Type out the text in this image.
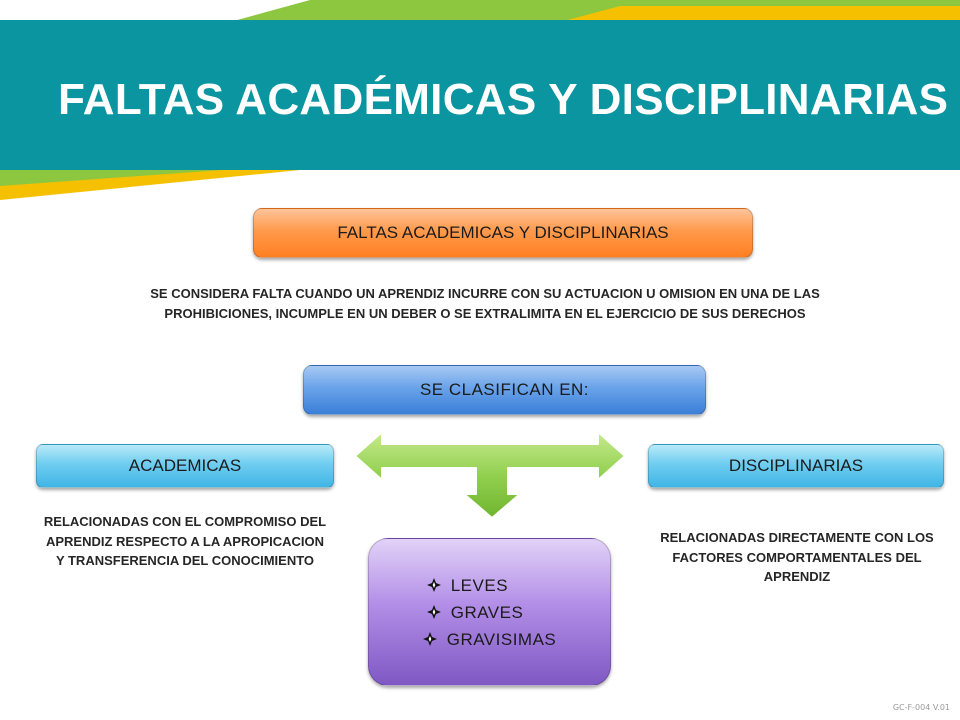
FALTAS ACADÉMICAS Y DISCIPLINARIAS
FALTAS ACADEMICAS Y DISCIPLINARIAS
SE CONSIDERA FALTA CUANDO UN APRENDIZ INCURRE CON SU ACTUACION U OMISION EN UNA DE LAS PROHIBICIONES, INCUMPLE EN UN DEBER O SE EXTRALIMITA EN EL EJERCICIO DE SUS DERECHOS
SE CLASIFICAN EN:
ACADEMICAS
RELACIONADAS CON EL COMPROMISO DEL APRENDIZ RESPECTO A LA APROPICACION Y TRANSFERENCIA DEL CONOCIMIENTO
DISCIPLINARIAS
RELACIONADAS DIRECTAMENTE CON LOS FACTORES COMPORTAMENTALES DEL APRENDIZ
LEVES
GRAVES
GRAVISIMAS
GC-F-004 V.01
